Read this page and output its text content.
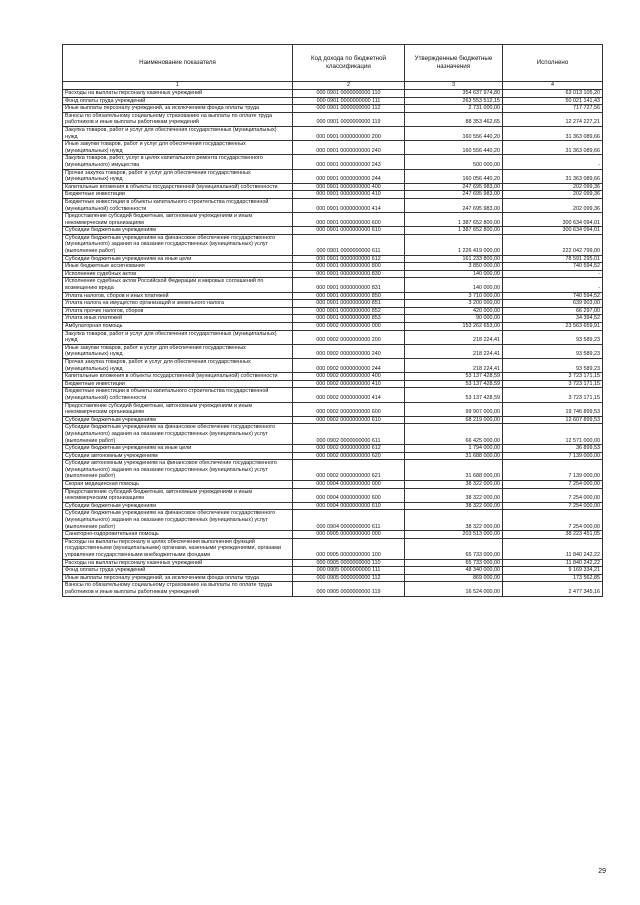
Наименование показателя	Код дохода по бюджетной классификации	Утвержденные бюджетные назначения	Исполнено
1	2	3	4
Расходы на выплаты персоналу казенных учреждений	000 0901 0000000000 110	354 637 974,80	63 013 105,20
Фонд оплаты труда учреждений	000 0901 0000000000 111	263 553 512,15	50 021 141,43
Иные выплаты персоналу учреждений, за исключением фонда оплаты труда	000 0901 0000000000 112	2 731 000,00	717 727,56
Взносы по обязательному социальному страхованию на выплаты по оплате труда работников и иные выплаты работникам учреждений	000 0901 0000000000 119	88 353 462,65	12 274 227,21
Закупка товаров, работ и услуг для обеспечения государственных (муниципальных) нужд	000 0901 0000000000 200	160 556 440,20	31 363 089,66
Иные закупки товаров, работ и услуг для обеспечения государственных (муниципальных) нужд	000 0901 0000000000 240	160 556 440,20	31 363 089,66
Закупка товаров, работ, услуг в целях капитального ремонта государственного (муниципального) имущества	000 0901 0000000000 243	500 000,00	-
Прочая закупка товаров, работ и услуг для обеспечения государственных (муниципальных) нужд	000 0901 0000000000 244	160 056 440,20	31 363 089,66
Капитальные вложения в объекты государственной (муниципальной) собственности	000 0901 0000000000 400	247 695 983,00	202 099,36
Бюджетные инвестиции	000 0901 0000000000 410	247 695 983,00	202 099,36
Бюджетные инвестиции в объекты капитального строительства государственной (муниципальной) собственности	000 0901 0000000000 414	247 695 983,00	202 099,36
Предоставление субсидий бюджетным, автономным учреждениям и иным некоммерческим организациям	000 0901 0000000000 600	1 387 652 800,00	300 634 094,01
Субсидии бюджетным учреждениям	000 0901 0000000000 610	1 387 652 800,00	300 634 094,01
Субсидии бюджетным учреждениям на финансовое обеспечение государственного (муниципального) задания на оказание государственных (муниципальных) услуг (выполнение работ)	000 0901 0000000000 611	1 226 419 000,00	222 042 799,00
Субсидии бюджетным учреждениям на иные цели	000 0901 0000000000 612	161 233 800,00	78 591 295,01
Иные бюджетные ассигнования	000 0901 0000000000 800	3 850 000,00	740 594,52
Исполнение судебных актов	000 0901 0000000000 830	140 000,00	-
Исполнение судебных актов Российской Федерации и мировых соглашений по возмещению вреда	000 0901 0000000000 831	140 000,00	-
Уплата налогов, сборов и иных платежей	000 0901 0000000000 850	3 710 000,00	740 594,52
Уплата налога на имущество организаций и земельного налога	000 0901 0000000000 851	3 200 000,00	639 903,00
Уплата прочих налогов, сборов	000 0901 0000000000 852	420 000,00	66 297,00
Уплата иных платежей	000 0901 0000000000 853	90 000,00	34 394,52
Амбулаторная помощь	000 0902 0000000000 000	153 262 653,00	23 563 659,91
Закупка товаров, работ и услуг для обеспечения государственных (муниципальных) нужд	000 0902 0000000000 200	218 224,41	93 589,23
Иные закупки товаров, работ и услуг для обеспечения государственных (муниципальных) нужд	000 0902 0000000000 240	218 224,41	93 589,23
Прочая закупка товаров, работ и услуг для обеспечения государственных (муниципальных) нужд	000 0902 0000000000 244	218 224,41	93 589,23
Капитальные вложения в объекты государственной (муниципальной) собственности	000 0902 0000000000 400	53 137 428,59	3 723 171,15
Бюджетные инвестиции	000 0902 0000000000 410	53 137 428,59	3 723 171,15
Бюджетные инвестиции в объекты капитального строительства государственной (муниципальной) собственности	000 0902 0000000000 414	53 137 428,59	3 723 171,15
Предоставление субсидий бюджетным, автономным учреждениям и иным некоммерческим организациям	000 0902 0000000000 600	99 907 000,00	19 746 899,53
Субсидии бюджетным учреждениям	000 0902 0000000000 610	68 219 000,00	12 607 899,53
Субсидии бюджетным учреждениям на финансовое обеспечение государственного (муниципального) задания на оказание государственных (муниципальных) услуг (выполнение работ)	000 0902 0000000000 611	66 425 000,00	12 571 000,00
Субсидии бюджетным учреждениям на иные цели	000 0902 0000000000 612	1 794 000,00	36 899,53
Субсидии автономным учреждениям	000 0902 0000000000 620	31 688 000,00	7 139 000,00
Субсидии автономным учреждениям на финансовое обеспечение государственного (муниципального) задания на оказание государственных (муниципальных) услуг (выполнение работ)	000 0902 0000000000 621	31 688 000,00	7 139 000,00
Скорая медицинская помощь	000 0904 0000000000 000	38 322 000,00	7 254 000,00
Предоставление субсидий бюджетным, автономным учреждениям и иным некоммерческим организациям	000 0904 0000000000 600	38 322 000,00	7 254 000,00
Субсидии бюджетным учреждениям	000 0904 0000000000 610	38 322 000,00	7 254 000,00
Субсидии бюджетным учреждениям на финансовое обеспечение государственного (муниципального) задания на оказание государственных (муниципальных) услуг (выполнение работ)	000 0904 0000000000 611	38 322 000,00	7 254 000,00
Санаторно-оздоровительная помощь	000 0905 0000000000 000	203 513 000,00	38 223 451,05
Расходы на выплаты персоналу в целях обеспечения выполнения функций государственными (муниципальными) органами, казенными учреждениями, органами управления государственными внебюджетными фондами	000 0905 0000000000 100	65 733 000,00	11 840 242,22
Расходы на выплаты персоналу казенных учреждений	000 0905 0000000000 110	65 733 000,00	11 840 242,22
Фонд оплаты труда учреждений	000 0905 0000000000 111	48 340 000,00	9 169 334,21
Иные выплаты персоналу учреждений, за исключением фонда оплаты труда	000 0905 0000000000 112	869 000,00	173 562,85
Взносы по обязательному социальному страхованию на выплаты по оплате труда работников и иные выплаты работникам учреждений	000 0905 0000000000 119	16 524 000,00	2 477 345,16
29
